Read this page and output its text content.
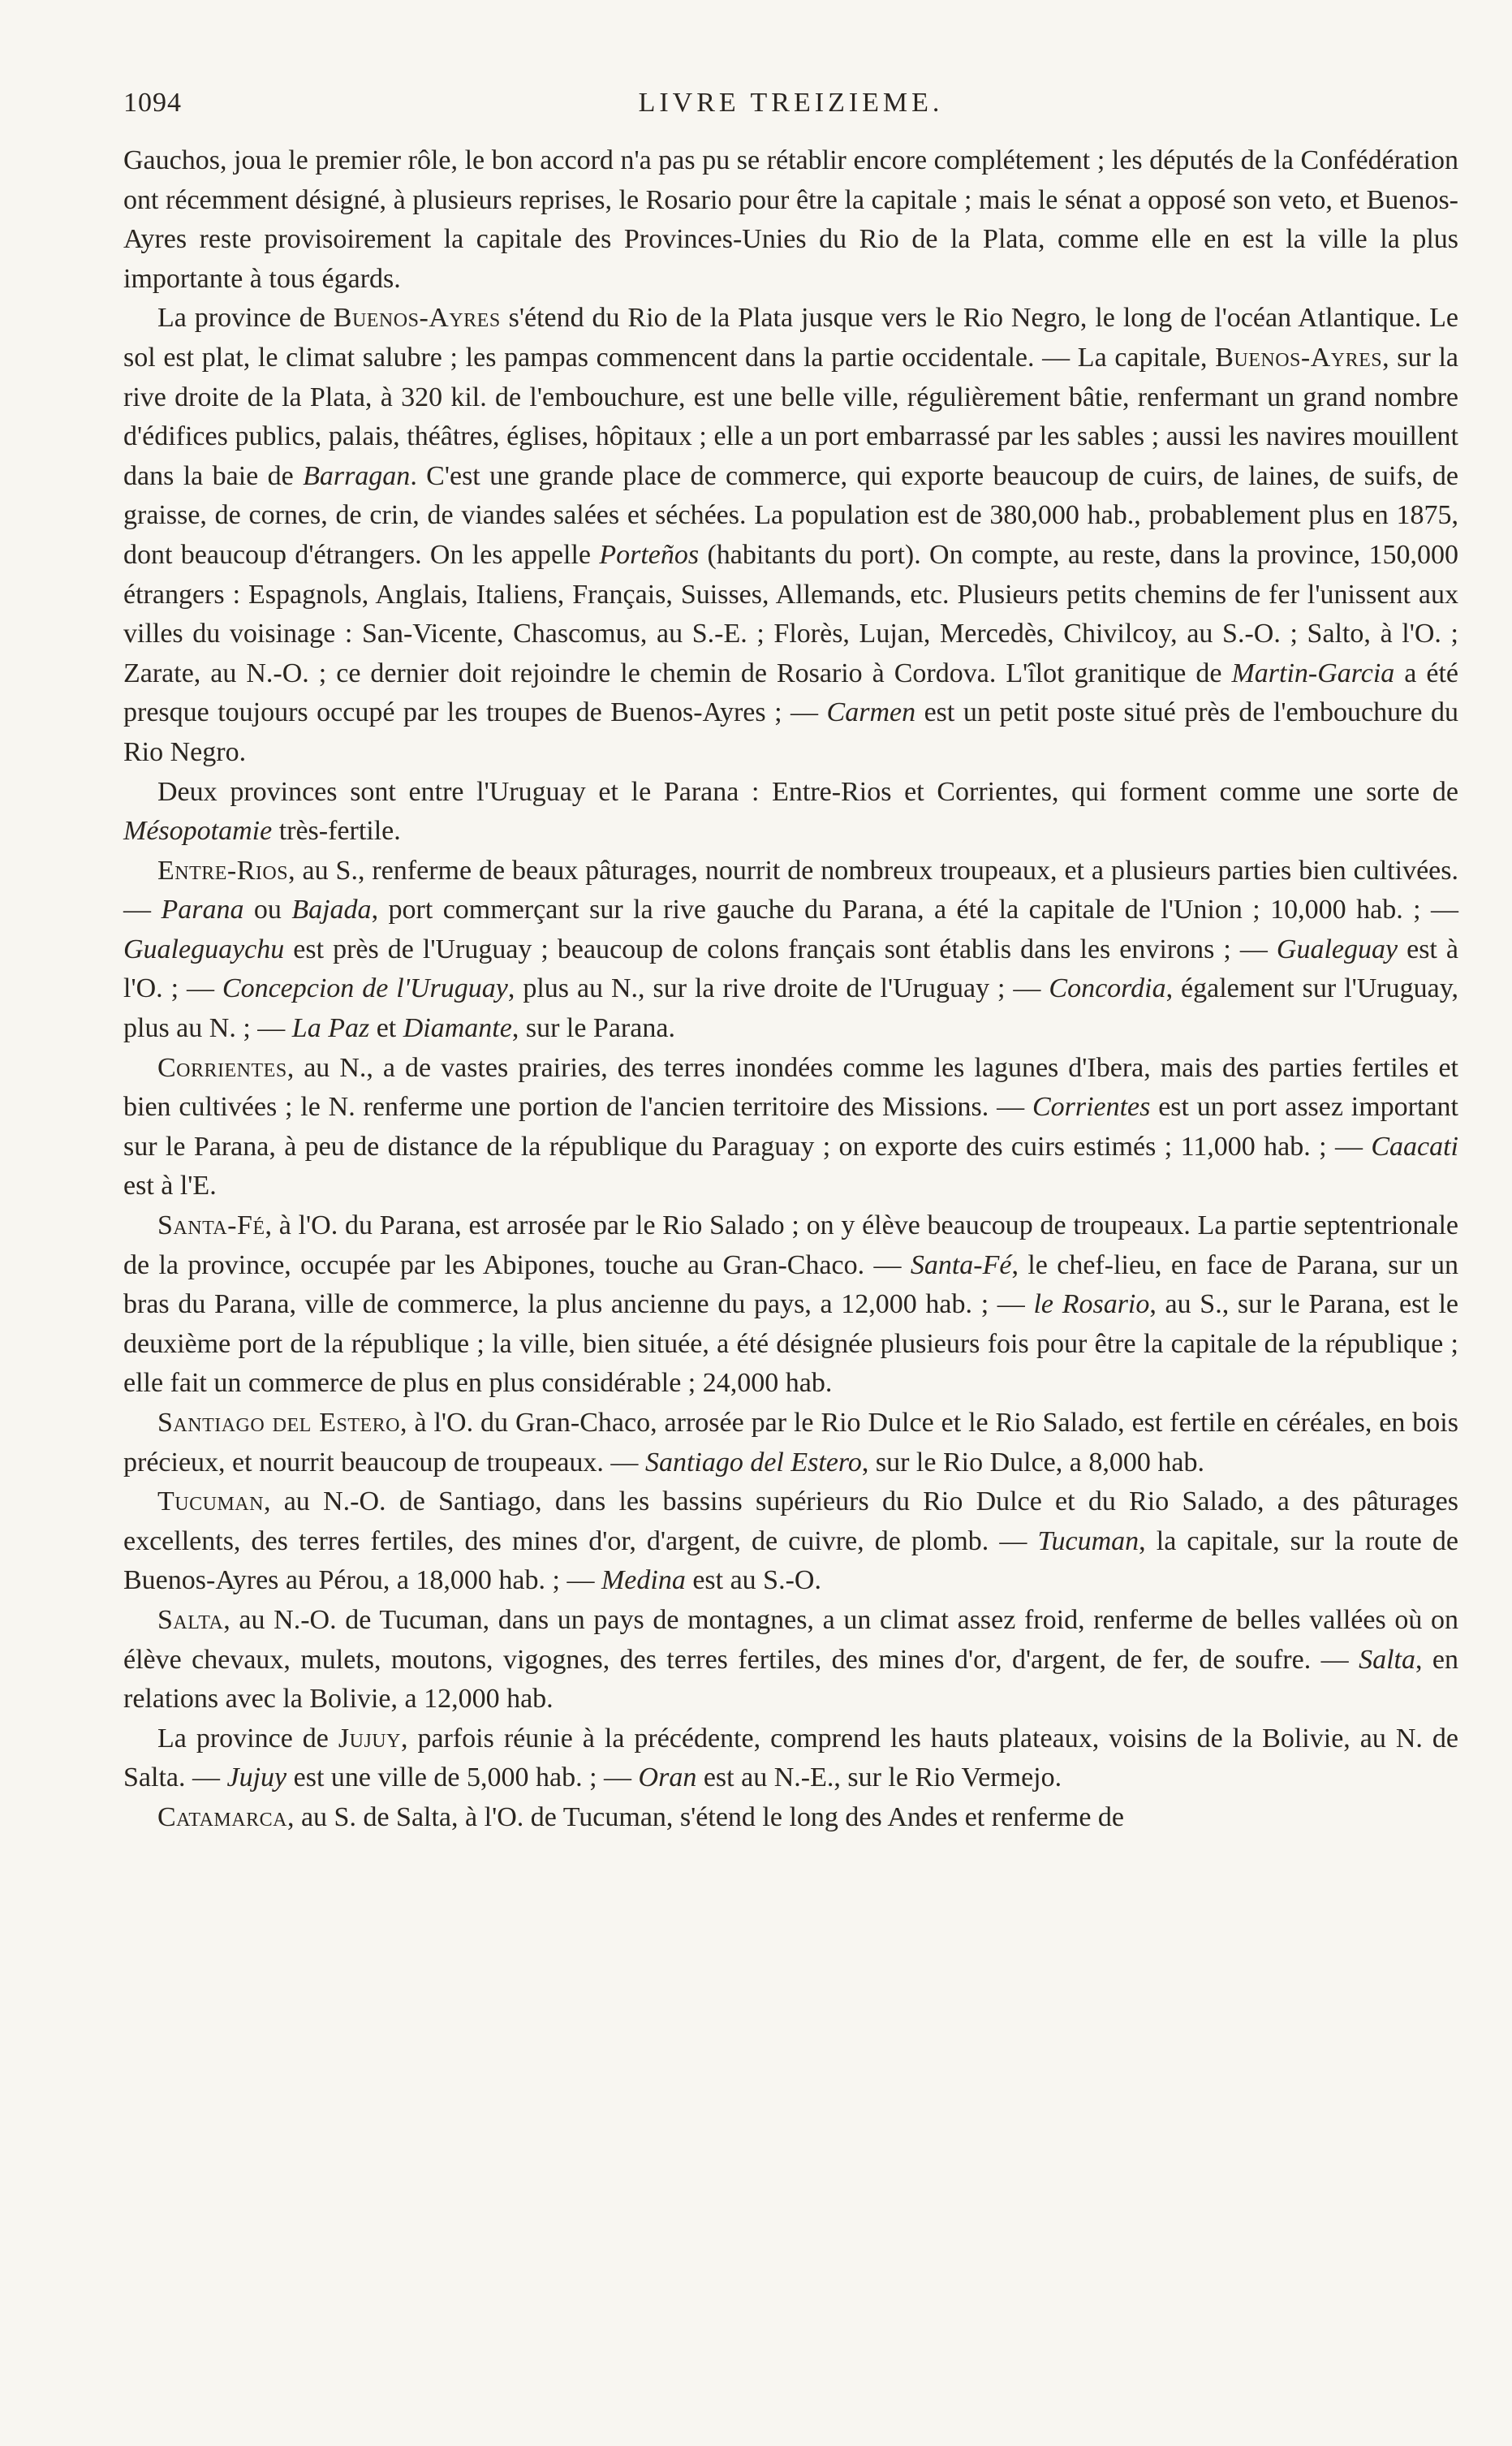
1094	LIVRE TREIZIEME.

Gauchos, joua le premier rôle, le bon accord n'a pas pu se rétablir encore complétement ; les députés de la Confédération ont récemment désigné, à plusieurs reprises, le Rosario pour être la capitale ; mais le sénat a opposé son veto, et Buenos-Ayres reste provisoirement la capitale des Provinces-Unies du Rio de la Plata, comme elle en est la ville la plus importante à tous égards.

La province de Buenos-Ayres s'étend du Rio de la Plata jusque vers le Rio Negro, le long de l'océan Atlantique. Le sol est plat, le climat salubre ; les pampas commencent dans la partie occidentale. — La capitale, Buenos-Ayres, sur la rive droite de la Plata, à 320 kil. de l'embouchure, est une belle ville, régulièrement bâtie, renfermant un grand nombre d'édifices publics, palais, théâtres, églises, hôpitaux ; elle a un port embarrassé par les sables ; aussi les navires mouillent dans la baie de Barragan. C'est une grande place de commerce, qui exporte beaucoup de cuirs, de laines, de suifs, de graisse, de cornes, de crin, de viandes salées et séchées. La population est de 380,000 hab., probablement plus en 1875, dont beaucoup d'étrangers. On les appelle Porteños (habitants du port). On compte, au reste, dans la province, 150,000 étrangers : Espagnols, Anglais, Italiens, Français, Suisses, Allemands, etc. Plusieurs petits chemins de fer l'unissent aux villes du voisinage : San-Vicente, Chascomus, au S.-E. ; Florès, Lujan, Mercedès, Chivilcoy, au S.-O. ; Salto, à l'O. ; Zarate, au N.-O. ; ce dernier doit rejoindre le chemin de Rosario à Cordova. L'îlot granitique de Martin-Garcia a été presque toujours occupé par les troupes de Buenos-Ayres ; — Carmen est un petit poste situé près de l'embouchure du Rio Negro.

Deux provinces sont entre l'Uruguay et le Parana : Entre-Rios et Corrientes, qui forment comme une sorte de Mésopotamie très-fertile.

Entre-Rios, au S., renferme de beaux pâturages, nourrit de nombreux troupeaux, et a plusieurs parties bien cultivées. — Parana ou Bajada, port commerçant sur la rive gauche du Parana, a été la capitale de l'Union ; 10,000 hab. ; — Gualeguaychu est près de l'Uruguay ; beaucoup de colons français sont établis dans les environs ; — Gualeguay est à l'O. ; — Concepcion de l'Uruguay, plus au N., sur la rive droite de l'Uruguay ; — Concordia, également sur l'Uruguay, plus au N. ; — La Paz et Diamante, sur le Parana.

Corrientes, au N., a de vastes prairies, des terres inondées comme les lagunes d'Ibera, mais des parties fertiles et bien cultivées ; le N. renferme une portion de l'ancien territoire des Missions. — Corrientes est un port assez important sur le Parana, à peu de distance de la république du Paraguay ; on exporte des cuirs estimés ; 11,000 hab. ; — Caacati est à l'E.

Santa-Fé, à l'O. du Parana, est arrosée par le Rio Salado ; on y élève beaucoup de troupeaux. La partie septentrionale de la province, occupée par les Abipones, touche au Gran-Chaco. — Santa-Fé, le chef-lieu, en face de Parana, sur un bras du Parana, ville de commerce, la plus ancienne du pays, a 12,000 hab. ; — le Rosario, au S., sur le Parana, est le deuxième port de la république ; la ville, bien située, a été désignée plusieurs fois pour être la capitale de la république ; elle fait un commerce de plus en plus considérable ; 24,000 hab.

Santiago del Estero, à l'O. du Gran-Chaco, arrosée par le Rio Dulce et le Rio Salado, est fertile en céréales, en bois précieux, et nourrit beaucoup de troupeaux. — Santiago del Estero, sur le Rio Dulce, a 8,000 hab.

Tucuman, au N.-O. de Santiago, dans les bassins supérieurs du Rio Dulce et du Rio Salado, a des pâturages excellents, des terres fertiles, des mines d'or, d'argent, de cuivre, de plomb. — Tucuman, la capitale, sur la route de Buenos-Ayres au Pérou, a 18,000 hab. ; — Medina est au S.-O.

Salta, au N.-O. de Tucuman, dans un pays de montagnes, a un climat assez froid, renferme de belles vallées où on élève chevaux, mulets, moutons, vigognes, des terres fertiles, des mines d'or, d'argent, de fer, de soufre. — Salta, en relations avec la Bolivie, a 12,000 hab.

La province de Jujuy, parfois réunie à la précédente, comprend les hauts plateaux, voisins de la Bolivie, au N. de Salta. — Jujuy est une ville de 5,000 hab. ; — Oran est au N.-E., sur le Rio Vermejo.

Catamarca, au S. de Salta, à l'O. de Tucuman, s'étend le long des Andes et renferme de
